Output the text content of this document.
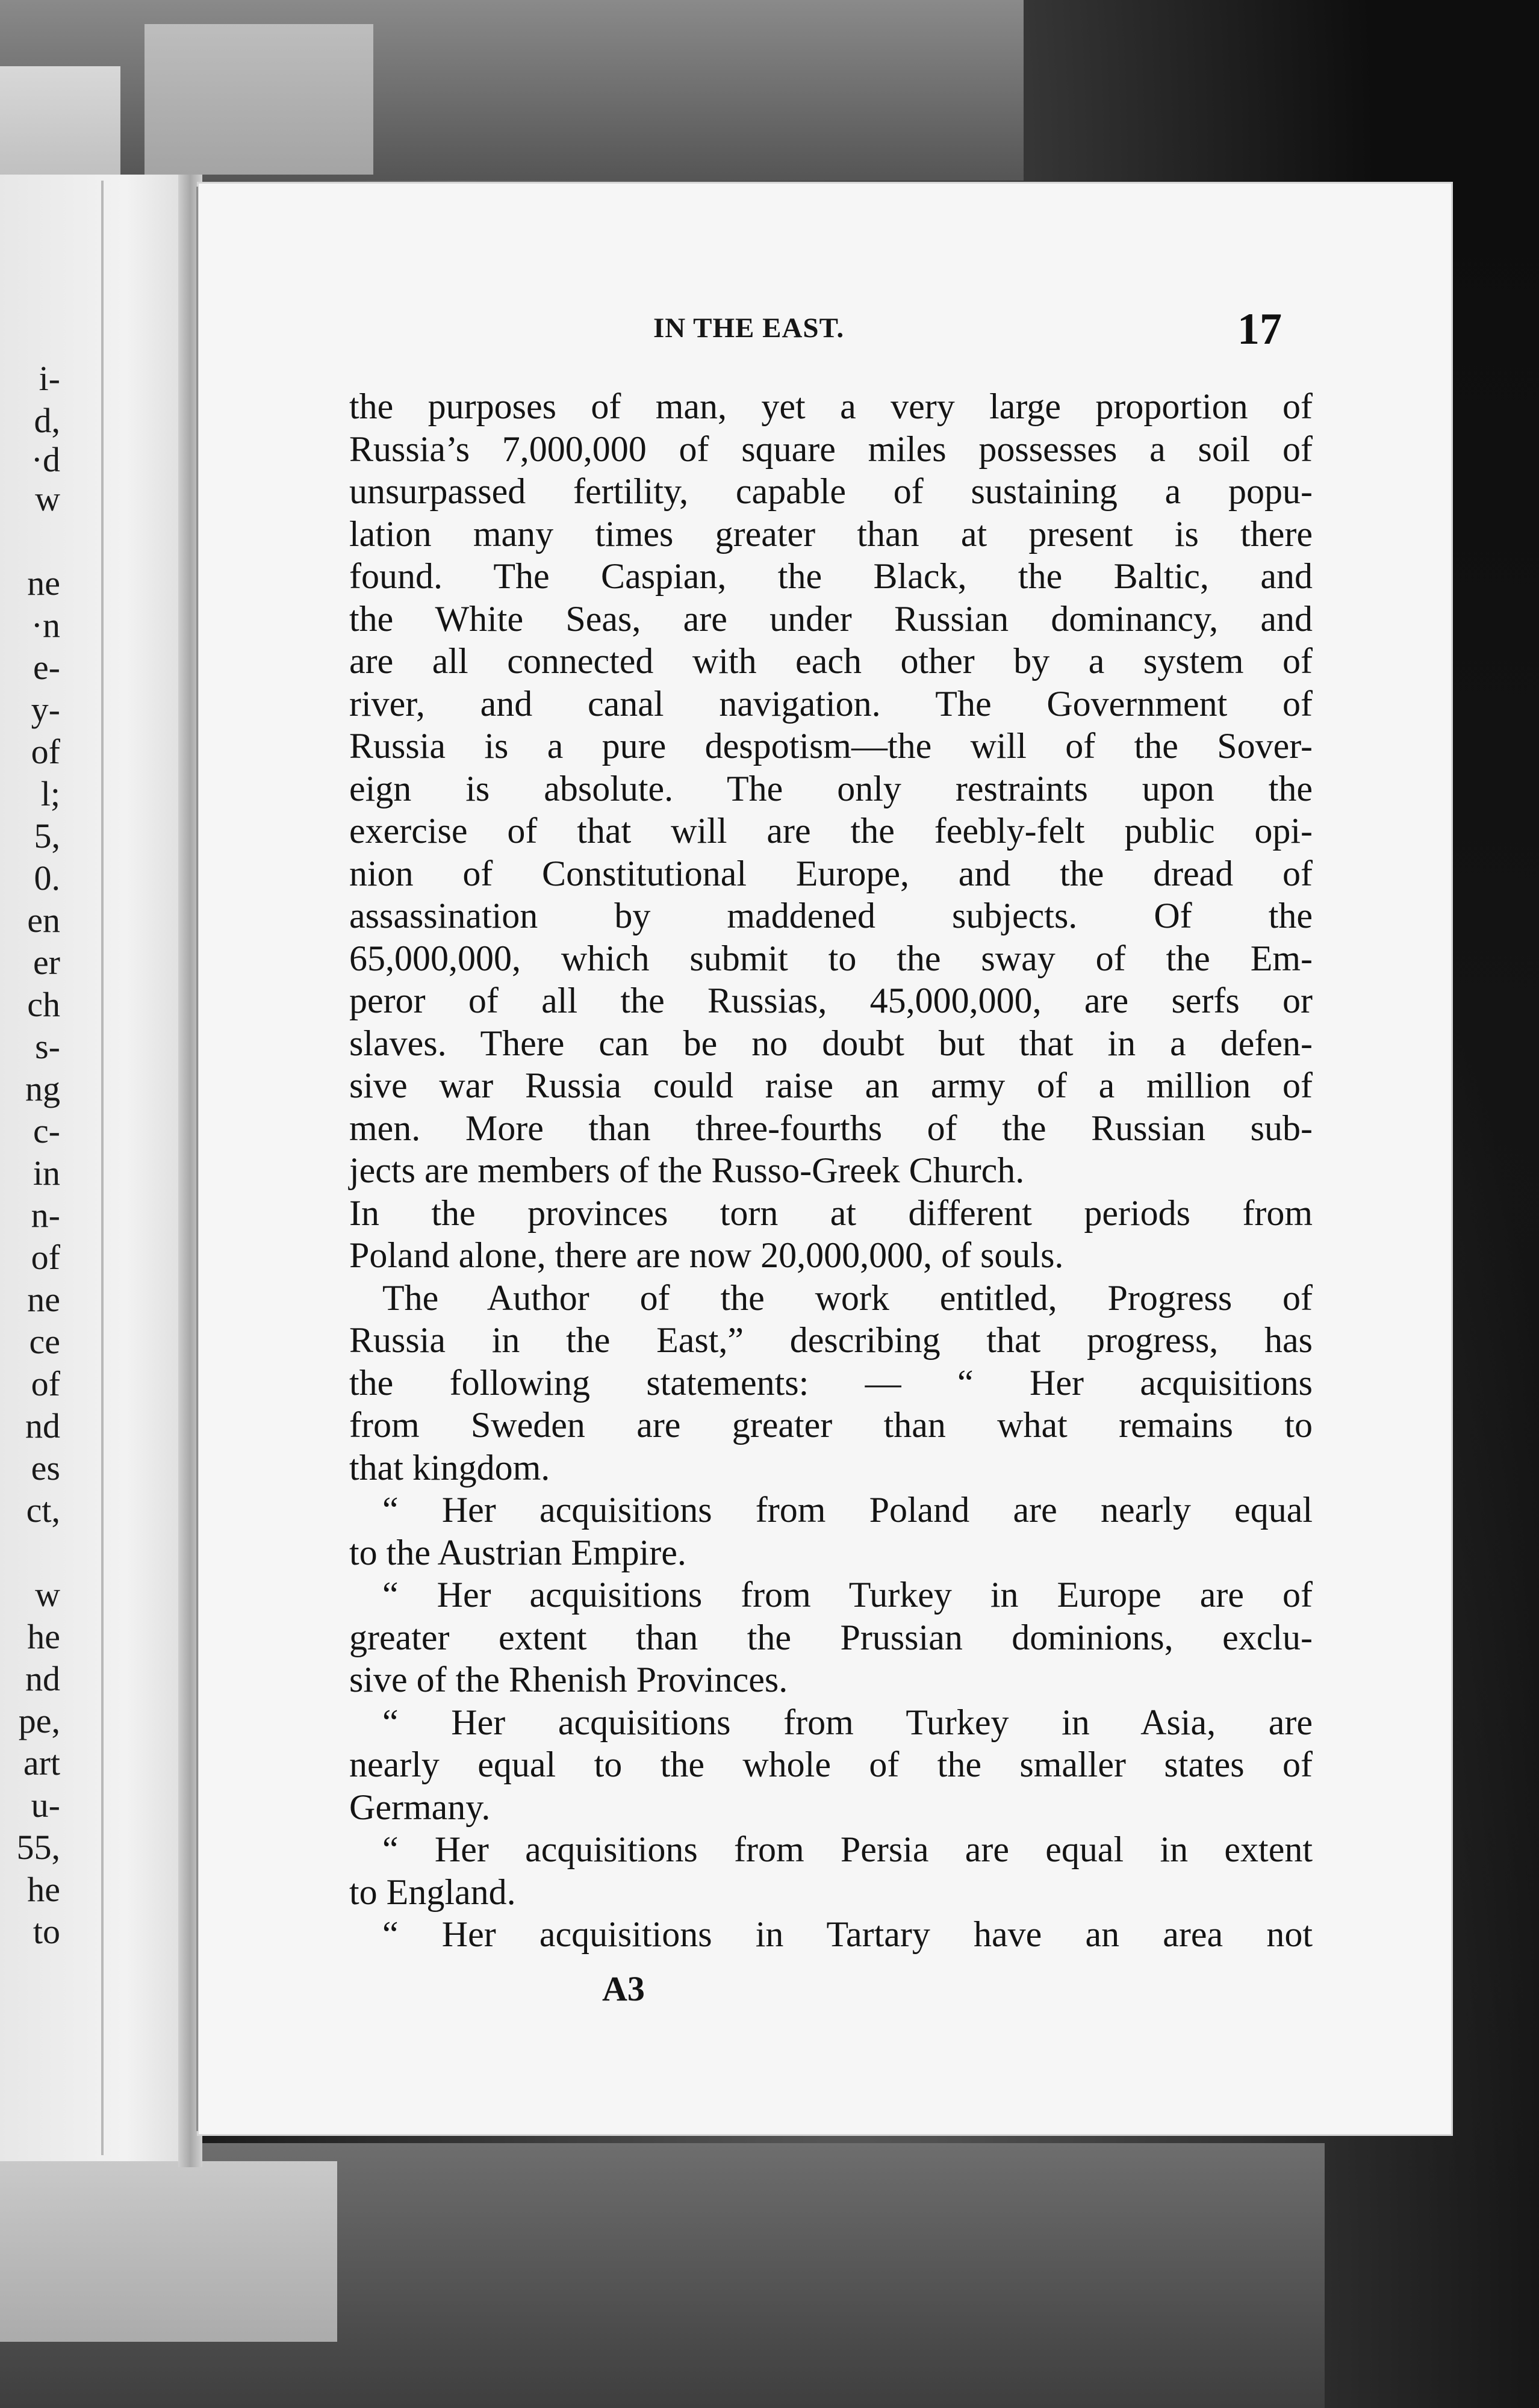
i-
d,
·d
w
ne
·n
e-
y-
of
l;
5,
0.
en
er
ch
s-
ng
c-
in
n-
of
ne
ce
of
nd
es
ct,
w
he
nd
pe,
art
u-
55,
he
to
IN THE EAST.	17
the purposes of man, yet a very large proportion of
Russia’s 7,000,000 of square miles possesses a soil of
unsurpassed fertility, capable of sustaining a popu-
lation many times greater than at present is there
found. The Caspian, the Black, the Baltic, and
the White Seas, are under Russian dominancy, and
are all connected with each other by a system of
river, and canal navigation. The Government of
Russia is a pure despotism—the will of the Sover-
eign is absolute. The only restraints upon the
exercise of that will are the feebly-felt public opi-
nion of Constitutional Europe, and the dread of
assassination by maddened subjects. Of the
65,000,000, which submit to the sway of the Em-
peror of all the Russias, 45,000,000, are serfs or
slaves. There can be no doubt but that in a defen-
sive war Russia could raise an army of a million of
men. More than three-fourths of the Russian sub-
jects are members of the Russo-Greek Church.
In the provinces torn at different periods from
Poland alone, there are now 20,000,000, of souls.
The Author of the work entitled, Progress of
Russia in the East,” describing that progress, has
the following statements: — “ Her acquisitions
from Sweden are greater than what remains to
that kingdom.
“ Her acquisitions from Poland are nearly equal
to the Austrian Empire.
“ Her acquisitions from Turkey in Europe are of
greater extent than the Prussian dominions, exclu-
sive of the Rhenish Provinces.
“ Her acquisitions from Turkey in Asia, are
nearly equal to the whole of the smaller states of
Germany.
“ Her acquisitions from Persia are equal in extent
to England.
“ Her acquisitions in Tartary have an area not
A3
